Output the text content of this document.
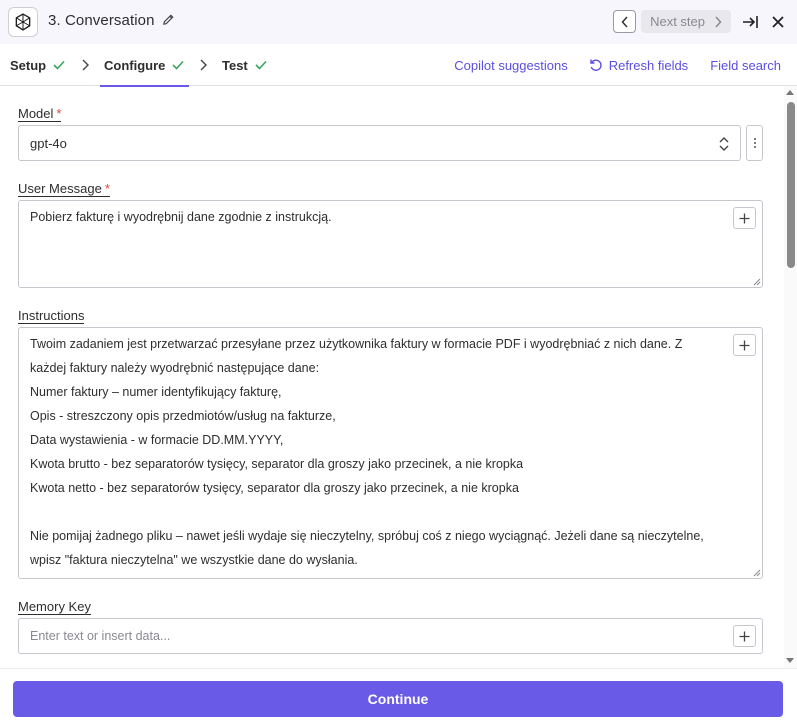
3. Conversation	Next step
Setup	Configure	Test	Copilot suggestions	Refresh fields Field search
Model *
gpt-4o
User Message *
Pobierz fakturę i wyodrębnij dane zgodnie z instrukcją.
Instructions
Twoim zadaniem jest przetwarzać przesyłane przez użytkownika faktury w formacie PDF i wyodrębniać z nich dane. Z
każdej faktury należy wyodrębnić następujące dane:
Numer faktury – numer identyfikujący fakturę,
Opis - streszczony opis przedmiotów/usług na fakturze,
Data wystawienia - w formacie DD.MM.YYYY,
Kwota brutto - bez separatorów tysięcy, separator dla groszy jako przecinek, a nie kropka
Kwota netto - bez separatorów tysięcy, separator dla groszy jako przecinek, a nie kropka
Nie pomijaj żadnego pliku – nawet jeśli wydaje się nieczytelny, spróbuj coś z niego wyciągnąć. Jeżeli dane są nieczytelne,
wpisz "faktura nieczytelna" we wszystkie dane do wysłania.
Memory Key
Enter text or insert data...
Continue
